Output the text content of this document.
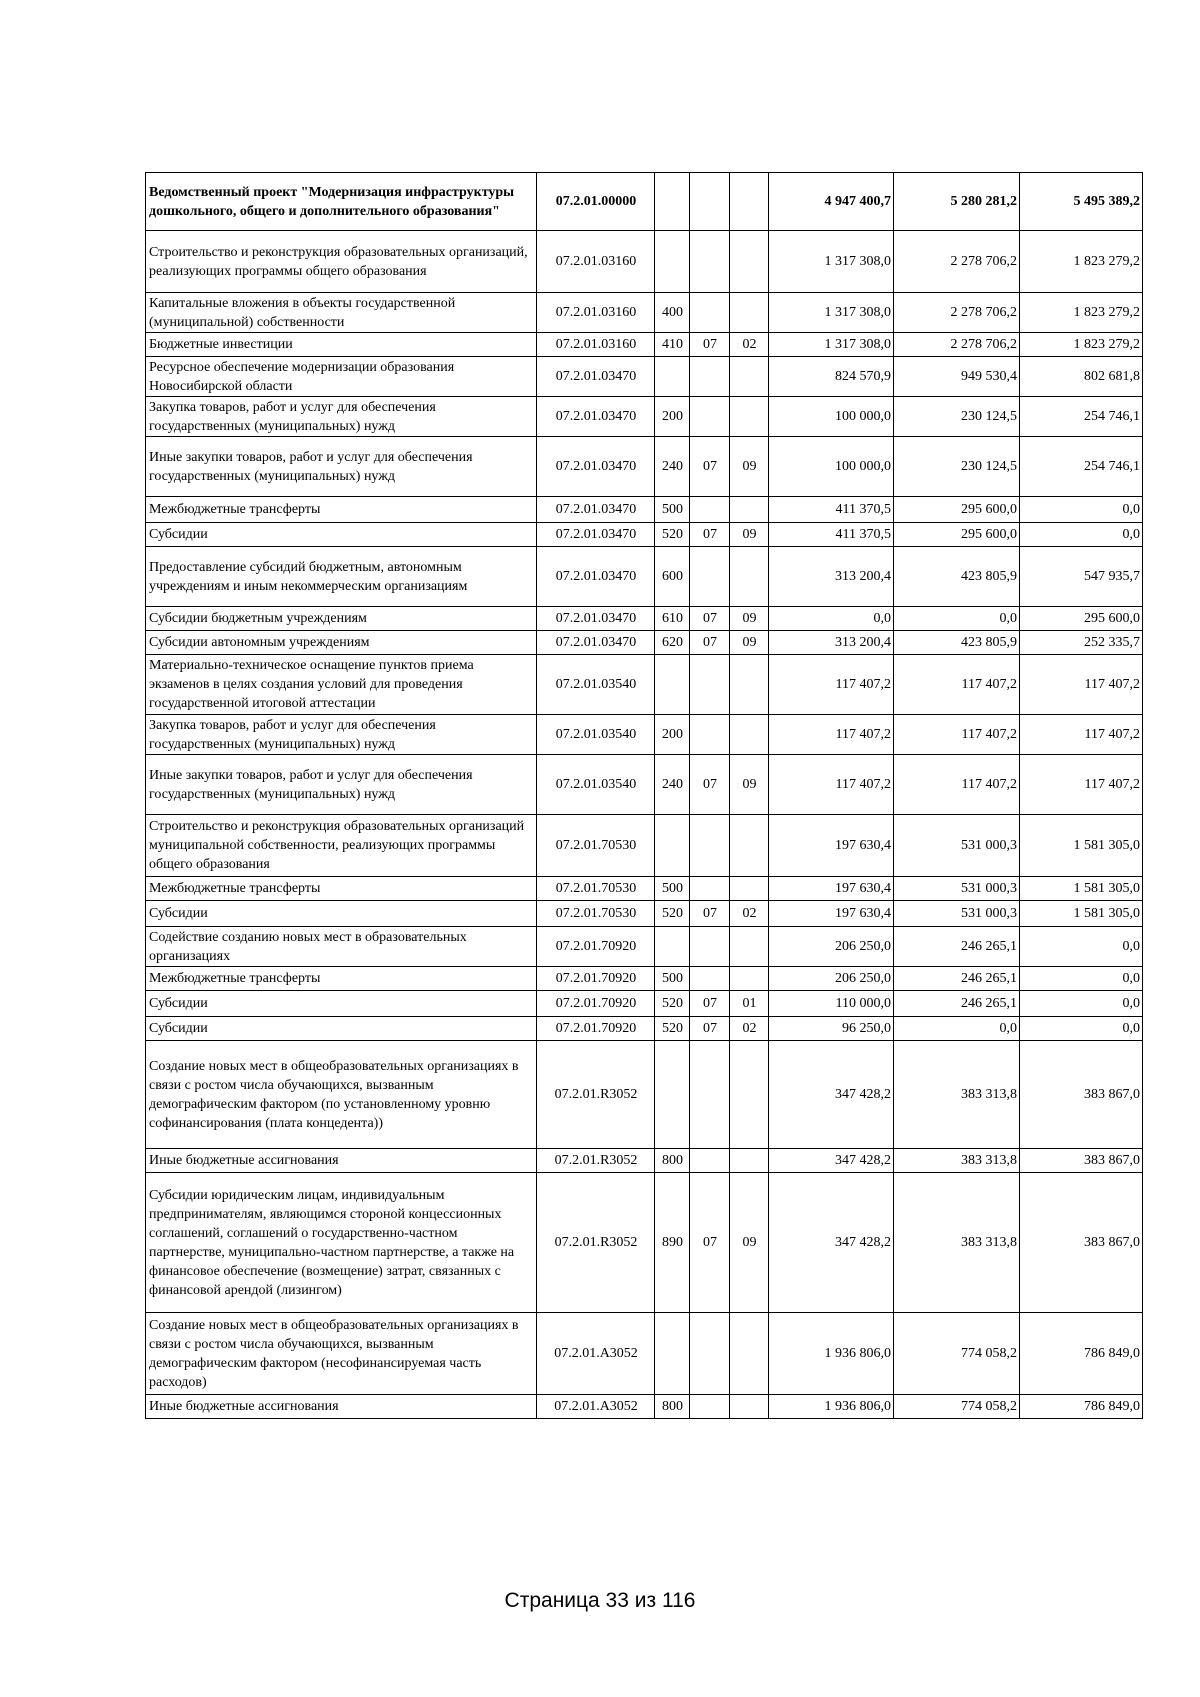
Ведомственный проект "Модернизация инфраструктуры дошкольного, общего и дополнительного образования"	07.2.01.00000				4 947 400,7	5 280 281,2	5 495 389,2
Строительство и реконструкция образовательных организаций, реализующих программы общего образования	07.2.01.03160				1 317 308,0	2 278 706,2	1 823 279,2
Капитальные вложения в объекты государственной (муниципальной) собственности	07.2.01.03160	400			1 317 308,0	2 278 706,2	1 823 279,2
Бюджетные инвестиции	07.2.01.03160	410	07	02	1 317 308,0	2 278 706,2	1 823 279,2
Ресурсное обеспечение модернизации образования Новосибирской области	07.2.01.03470				824 570,9	949 530,4	802 681,8
Закупка товаров, работ и услуг для обеспечения государственных (муниципальных) нужд	07.2.01.03470	200			100 000,0	230 124,5	254 746,1
Иные закупки товаров, работ и услуг для обеспечения государственных (муниципальных) нужд	07.2.01.03470	240	07	09	100 000,0	230 124,5	254 746,1
Межбюджетные трансферты	07.2.01.03470	500			411 370,5	295 600,0	0,0
Субсидии	07.2.01.03470	520	07	09	411 370,5	295 600,0	0,0
Предоставление субсидий бюджетным, автономным учреждениям и иным некоммерческим организациям	07.2.01.03470	600			313 200,4	423 805,9	547 935,7
Субсидии бюджетным учреждениям	07.2.01.03470	610	07	09	0,0	0,0	295 600,0
Субсидии автономным учреждениям	07.2.01.03470	620	07	09	313 200,4	423 805,9	252 335,7
Материально-техническое оснащение пунктов приема экзаменов в целях создания условий для проведения государственной итоговой аттестации	07.2.01.03540				117 407,2	117 407,2	117 407,2
Закупка товаров, работ и услуг для обеспечения государственных (муниципальных) нужд	07.2.01.03540	200			117 407,2	117 407,2	117 407,2
Иные закупки товаров, работ и услуг для обеспечения государственных (муниципальных) нужд	07.2.01.03540	240	07	09	117 407,2	117 407,2	117 407,2
Строительство и реконструкция образовательных организаций муниципальной собственности, реализующих программы общего образования	07.2.01.70530				197 630,4	531 000,3	1 581 305,0
Межбюджетные трансферты	07.2.01.70530	500			197 630,4	531 000,3	1 581 305,0
Субсидии	07.2.01.70530	520	07	02	197 630,4	531 000,3	1 581 305,0
Содействие созданию новых мест в образовательных организациях	07.2.01.70920				206 250,0	246 265,1	0,0
Межбюджетные трансферты	07.2.01.70920	500			206 250,0	246 265,1	0,0
Субсидии	07.2.01.70920	520	07	01	110 000,0	246 265,1	0,0
Субсидии	07.2.01.70920	520	07	02	96 250,0	0,0	0,0
Создание новых мест в общеобразовательных организациях в связи с ростом числа обучающихся, вызванным демографическим фактором (по установленному уровню софинансирования (плата концедента))	07.2.01.R3052				347 428,2	383 313,8	383 867,0
Иные бюджетные ассигнования	07.2.01.R3052	800			347 428,2	383 313,8	383 867,0
Субсидии юридическим лицам, индивидуальным предпринимателям, являющимся стороной концессионных соглашений, соглашений о государственно-частном партнерстве, муниципально-частном партнерстве, а также на финансовое обеспечение (возмещение) затрат, связанных с финансовой арендой (лизингом)	07.2.01.R3052	890	07	09	347 428,2	383 313,8	383 867,0
Создание новых мест в общеобразовательных организациях в связи с ростом числа обучающихся, вызванным демографическим фактором (несофинансируемая часть расходов)	07.2.01.А3052				1 936 806,0	774 058,2	786 849,0
Иные бюджетные ассигнования	07.2.01.А3052	800			1 936 806,0	774 058,2	786 849,0
Страница 33 из 116
